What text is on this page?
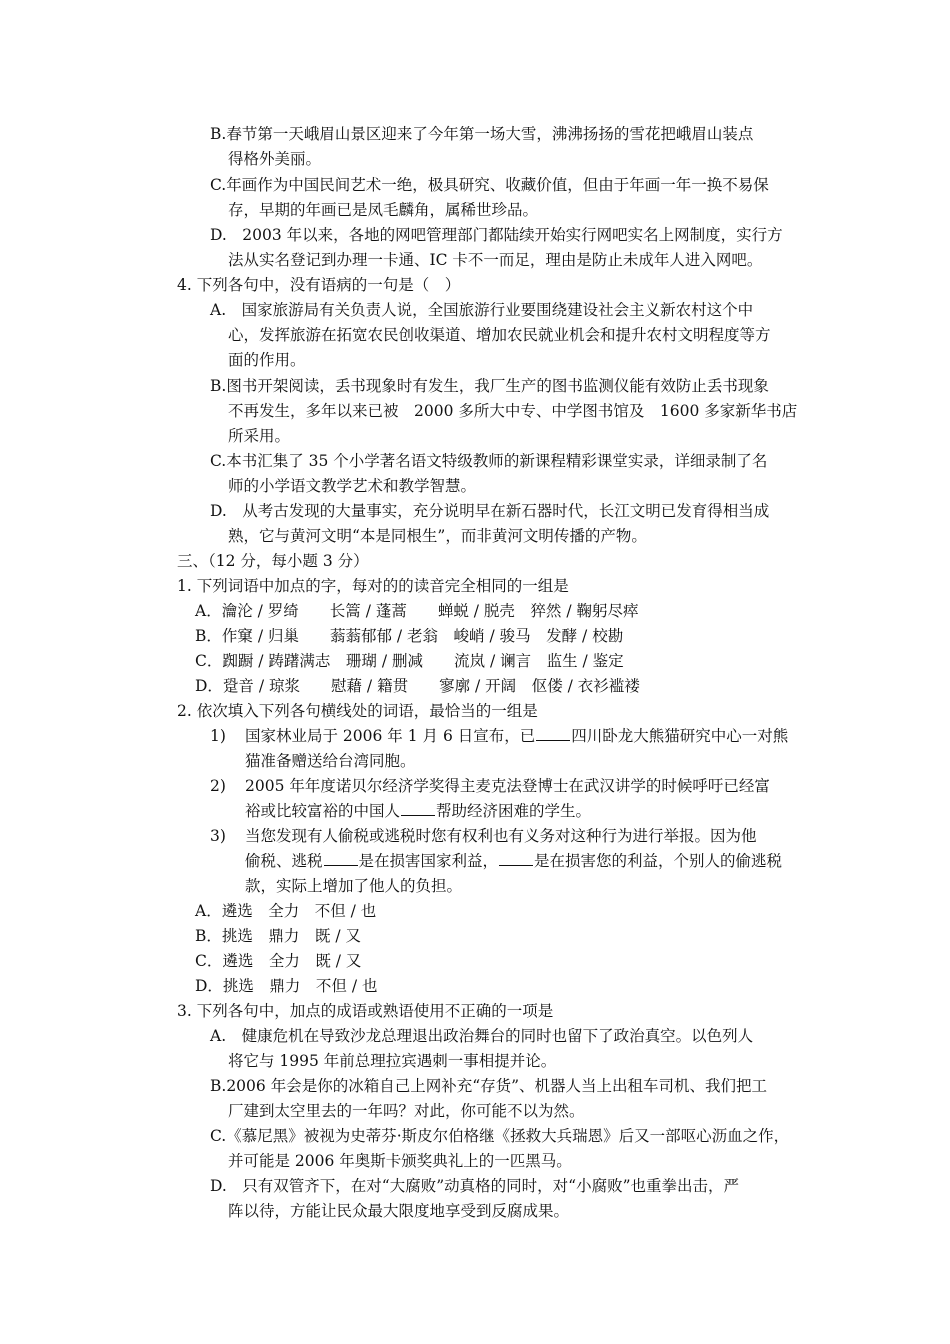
B.春节第一天峨眉山景区迎来了今年第一场大雪，沸沸扬扬的雪花把峨眉山装点
得格外美丽。
C.年画作为中国民间艺术一绝，极具研究、收藏价值，但由于年画一年一换不易保
存，早期的年画已是凤毛麟角，属稀世珍品。
D.　2003 年以来，各地的网吧管理部门都陆续开始实行网吧实名上网制度，实行方
法从实名登记到办理一卡通、IC 卡不一而足，理由是防止未成年人进入网吧。
4. 下列各句中，没有语病的一句是（　）
A.　国家旅游局有关负责人说，全国旅游行业要围绕建设社会主义新农村这个中
心，发挥旅游在拓宽农民创收渠道、增加农民就业机会和提升农村文明程度等方
面的作用。
B.图书开架阅读，丢书现象时有发生，我厂生产的图书监测仪能有效防止丢书现象
不再发生，多年以来已被　2000 多所大中专、中学图书馆及　1600 多家新华书店
所采用。
C.本书汇集了 35 个小学著名语文特级教师的新课程精彩课堂实录，详细录制了名
师的小学语文教学艺术和教学智慧。
D.　从考古发现的大量事实，充分说明早在新石器时代，长江文明已发育得相当成
熟，它与黄河文明“本是同根生”，而非黄河文明传播的产物。
三、（12 分，每小题 3 分）
1. 下列词语中加点的字，每对的的读音完全相同的一组是
A．瀹沦 / 罗绮　　长篙 / 蓬蒿　　蝉蜕 / 脱壳　猝然 / 鞠躬尽瘁
B．作窠 / 归巢　　蓊蓊郁郁 / 老翁　峻峭 / 骏马　发酵 / 校勘
C．踟蹰 / 踌躇满志　珊瑚 / 删减　　流岚 / 谰言　监生 / 鉴定
D．跫音 / 琼浆　　慰藉 / 籍贯　　寥廓 / 开阔　伛偻 / 衣衫褴褛
2. 依次填入下列各句横线处的词语，最恰当的一组是
1)	国家林业局于 2006 年 1 月 6 日宣布，已 四川卧龙大熊猫研究中心一对熊
猫准备赠送给台湾同胞。
2)	2005 年年度诺贝尔经济学奖得主麦克法登博士在武汉讲学的时候呼吁已经富
裕或比较富裕的中国人 帮助经济困难的学生。
3)	当您发现有人偷税或逃税时您有权利也有义务对这种行为进行举报。因为他
偷税、逃税 是在损害国家利益， 是在损害您的利益，个别人的偷逃税
款，实际上增加了他人的负担。
A．遴选　全力　不但 / 也
B．挑选　鼎力　既 / 又
C．遴选　全力　既 / 又
D．挑选　鼎力　不但 / 也
3. 下列各句中，加点的成语或熟语使用不正确的一项是
A.　健康危机在导致沙龙总理退出政治舞台的同时也留下了政治真空。以色列人
将它与 1995 年前总理拉宾遇刺一事相提并论。
B.2006 年会是你的冰箱自己上网补充“存货”、机器人当上出租车司机、我们把工
厂建到太空里去的一年吗？对此，你可能不以为然。
C.《慕尼黑》被视为史蒂芬·斯皮尔伯格继《拯救大兵瑞恩》后又一部呕心沥血之作，
并可能是 2006 年奥斯卡颁奖典礼上的一匹黑马。
D.　只有双管齐下，在对“大腐败”动真格的同时，对“小腐败”也重拳出击，严
阵以待，方能让民众最大限度地享受到反腐成果。
